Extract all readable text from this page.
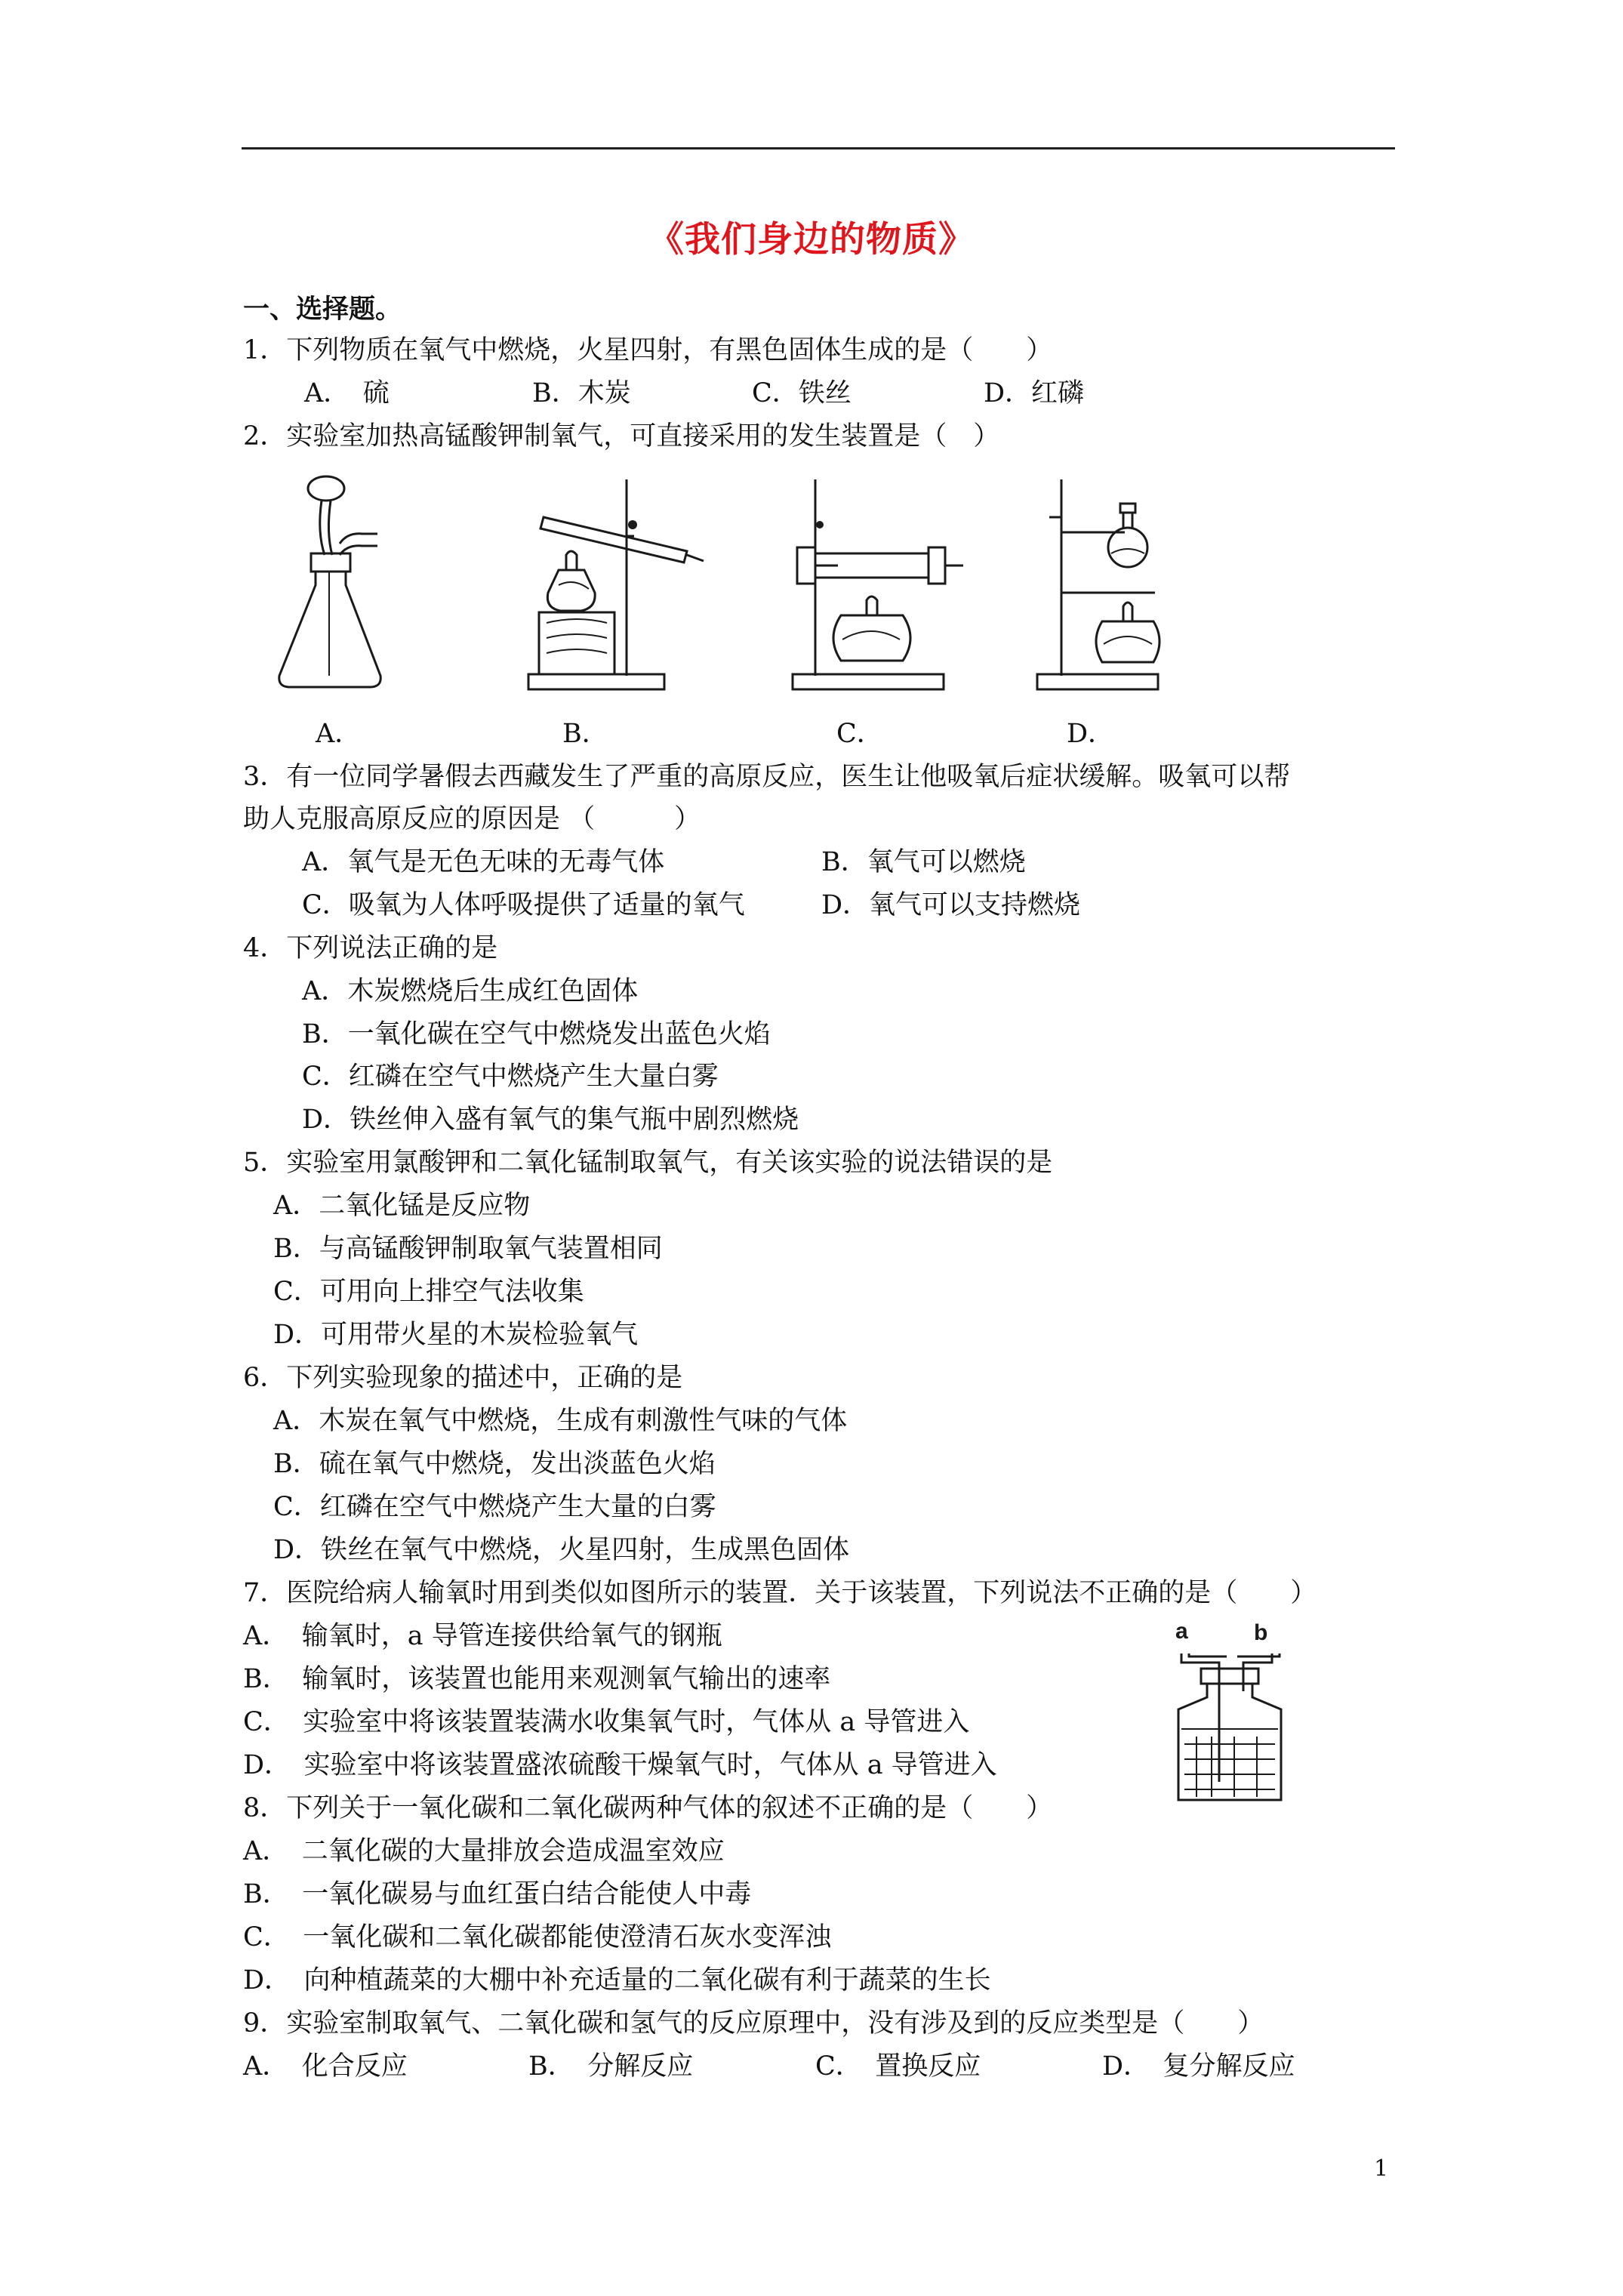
《我们身边的物质》
一、选择题。
1．下列物质在氧气中燃烧，火星四射，有黑色固体生成的是（　　）
A．　硫	B．木炭	C．铁丝	D．红磷
2．实验室加热高锰酸钾制氧气，可直接采用的发生装置是（　）
A．	B．	C．	D．
3．有一位同学暑假去西藏发生了严重的高原反应，医生让他吸氧后症状缓解。吸氧可以帮
助人克服高原反应的原因是 （　　　）
A．氧气是无色无味的无毒气体	B．氧气可以燃烧
C．吸氧为人体呼吸提供了适量的氧气	D．氧气可以支持燃烧
4．下列说法正确的是
A．木炭燃烧后生成红色固体
B．一氧化碳在空气中燃烧发出蓝色火焰
C．红磷在空气中燃烧产生大量白雾
D．铁丝伸入盛有氧气的集气瓶中剧烈燃烧
5．实验室用氯酸钾和二氧化锰制取氧气，有关该实验的说法错误的是
A．二氧化锰是反应物
B．与高锰酸钾制取氧气装置相同
C．可用向上排空气法收集
D．可用带火星的木炭检验氧气
6．下列实验现象的描述中，正确的是
A．木炭在氧气中燃烧，生成有刺激性气味的气体
B．硫在氧气中燃烧，发出淡蓝色火焰
C．红磷在空气中燃烧产生大量的白雾
D．铁丝在氧气中燃烧，火星四射，生成黑色固体
7．医院给病人输氧时用到类似如图所示的装置．关于该装置，下列说法不正确的是（　　）
A．　输氧时，a 导管连接供给氧气的钢瓶
B．　输氧时，该装置也能用来观测氧气输出的速率
C．　实验室中将该装置装满水收集氧气时，气体从 a 导管进入
D．　实验室中将该装置盛浓硫酸干燥氧气时，气体从 a 导管进入
a	b
8．下列关于一氧化碳和二氧化碳两种气体的叙述不正确的是（　　）
A．　二氧化碳的大量排放会造成温室效应
B．　一氧化碳易与血红蛋白结合能使人中毒
C．　一氧化碳和二氧化碳都能使澄清石灰水变浑浊
D．　向种植蔬菜的大棚中补充适量的二氧化碳有利于蔬菜的生长
9．实验室制取氧气、二氧化碳和氢气的反应原理中，没有涉及到的反应类型是（　　）
A．　化合反应	B．　分解反应	C．　置换反应	D．　复分解反应
1
